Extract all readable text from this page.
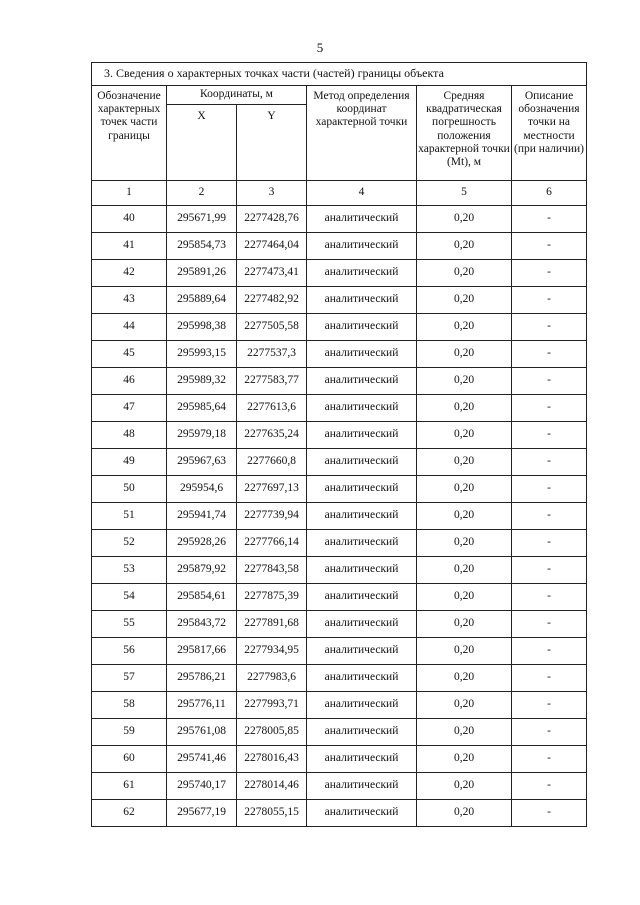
5
3. Сведения о характерных точках части (частей) границы объекта					
Обозначение характерных точек части границы	Координаты, м		Метод определения координат характерной точки	Средняя квадратическая погрешность положения характерной точки (Mt), м	Описание обозначения точки на местности (при наличии)
	X	Y			
1	2	3	4	5	6
40	295671,99	2277428,76	аналитический	0,20	-
41	295854,73	2277464,04	аналитический	0,20	-
42	295891,26	2277473,41	аналитический	0,20	-
43	295889,64	2277482,92	аналитический	0,20	-
44	295998,38	2277505,58	аналитический	0,20	-
45	295993,15	2277537,3	аналитический	0,20	-
46	295989,32	2277583,77	аналитический	0,20	-
47	295985,64	2277613,6	аналитический	0,20	-
48	295979,18	2277635,24	аналитический	0,20	-
49	295967,63	2277660,8	аналитический	0,20	-
50	295954,6	2277697,13	аналитический	0,20	-
51	295941,74	2277739,94	аналитический	0,20	-
52	295928,26	2277766,14	аналитический	0,20	-
53	295879,92	2277843,58	аналитический	0,20	-
54	295854,61	2277875,39	аналитический	0,20	-
55	295843,72	2277891,68	аналитический	0,20	-
56	295817,66	2277934,95	аналитический	0,20	-
57	295786,21	2277983,6	аналитический	0,20	-
58	295776,11	2277993,71	аналитический	0,20	-
59	295761,08	2278005,85	аналитический	0,20	-
60	295741,46	2278016,43	аналитический	0,20	-
61	295740,17	2278014,46	аналитический	0,20	-
62	295677,19	2278055,15	аналитический	0,20	-
